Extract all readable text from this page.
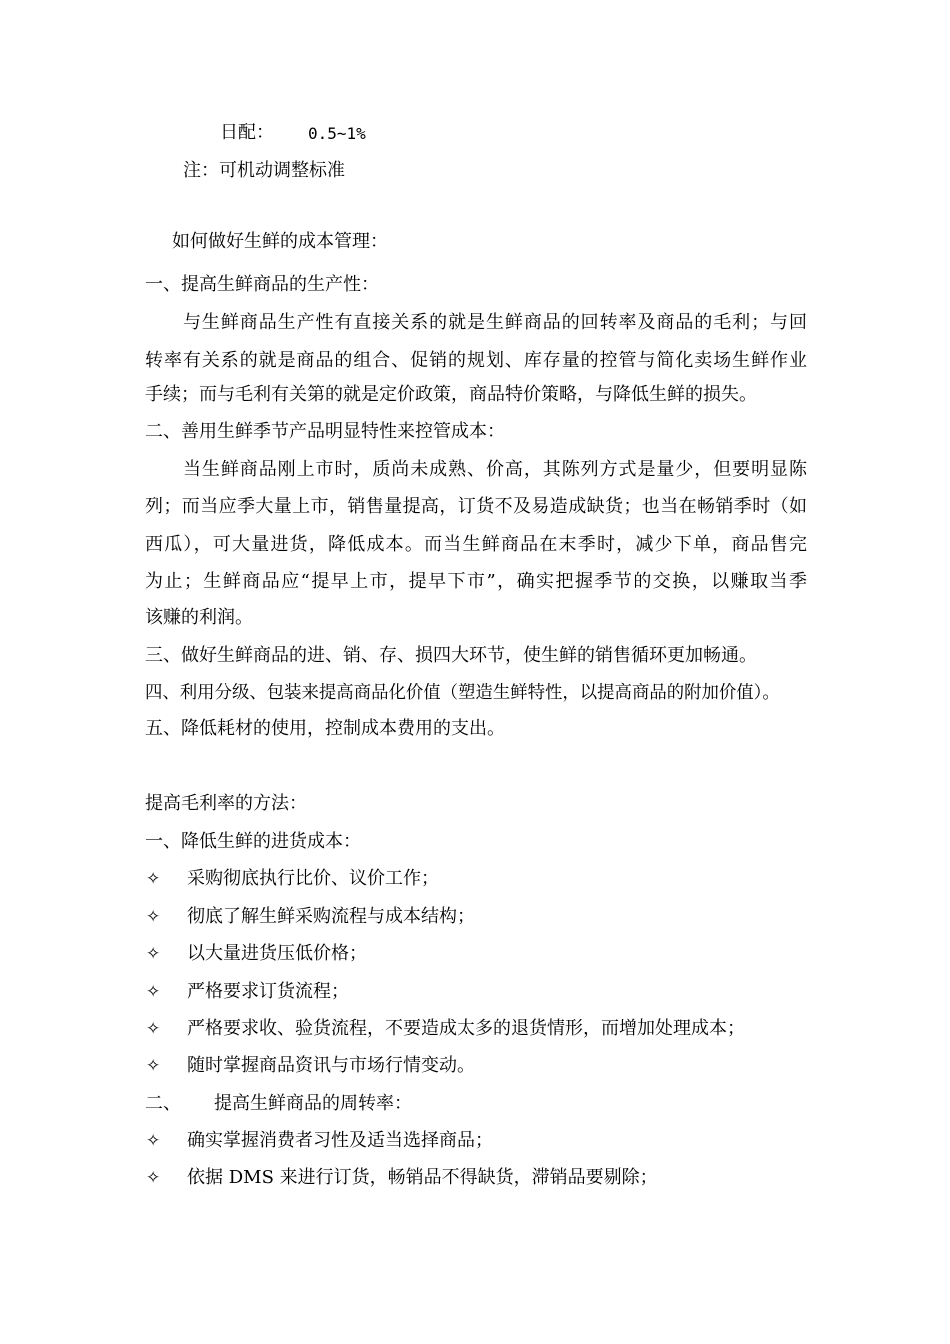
日配： 0.5~1%
注：可机动调整标准
如何做好生鲜的成本管理：
一、提高生鲜商品的生产性：
与生鲜商品生产性有直接关系的就是生鲜商品的回转率及商品的毛利；与回
转率有关系的就是商品的组合、促销的规划、库存量的控管与简化卖场生鲜作业
手续；而与毛利有关第的就是定价政策，商品特价策略，与降低生鲜的损失。
二、善用生鲜季节产品明显特性来控管成本：
当生鲜商品刚上市时，质尚未成熟、价高，其陈列方式是量少，但要明显陈
列；而当应季大量上市，销售量提高，订货不及易造成缺货；也当在畅销季时（如
西瓜），可大量进货，降低成本。而当生鲜商品在末季时，减少下单，商品售完
为止；生鲜商品应“提早上市，提早下市”，确实把握季节的交换，以赚取当季
该赚的利润。
三、做好生鲜商品的进、销、存、损四大环节，使生鲜的销售循环更加畅通。
四、利用分级、包装来提高商品化价值（塑造生鲜特性，以提高商品的附加价值）。
五、降低耗材的使用，控制成本费用的支出。
提高毛利率的方法：
一、降低生鲜的进货成本：
✧ 采购彻底执行比价、议价工作；
✧ 彻底了解生鲜采购流程与成本结构；
✧ 以大量进货压低价格；
✧ 严格要求订货流程；
✧ 严格要求收、验货流程，不要造成太多的退货情形，而增加处理成本；
✧ 随时掌握商品资讯与市场行情变动。
二、 提高生鲜商品的周转率：
✧ 确实掌握消费者习性及适当选择商品；
✧ 依据 DMS 来进行订货，畅销品不得缺货，滞销品要剔除；
